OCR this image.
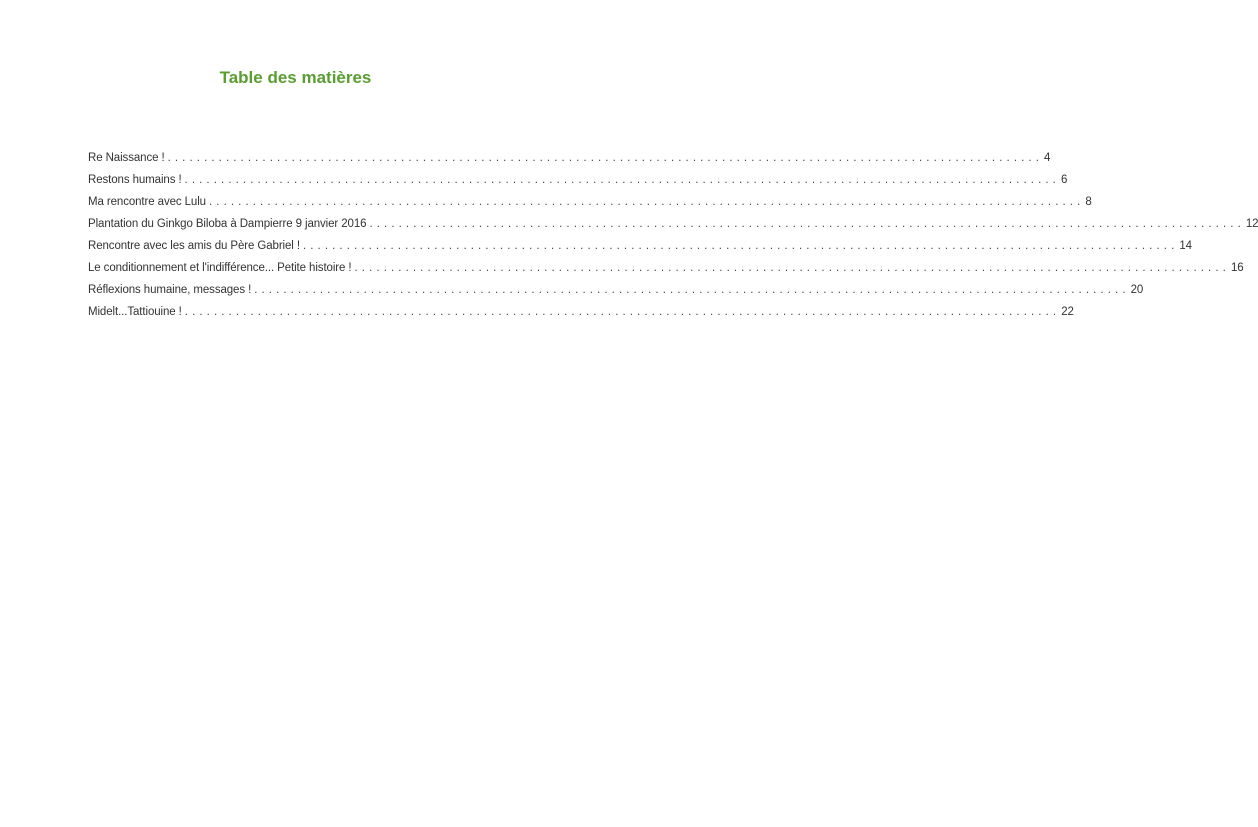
Table des matières
Re Naissance ! ........................................................................................................................ 4
Restons humains ! ........................................................................................................................ 6
Ma rencontre avec Lulu ........................................................................................................................ 8
Plantation du Ginkgo Biloba à Dampierre 9 janvier 2016 ........................................................................................................................ 12
Rencontre avec les amis du Père Gabriel ! ........................................................................................................................ 14
Le conditionnement et l'indifférence... Petite histoire ! ........................................................................................................................ 16
Réflexions humaine, messages ! ........................................................................................................................ 20
Midelt...Tattiouine ! ........................................................................................................................ 22
